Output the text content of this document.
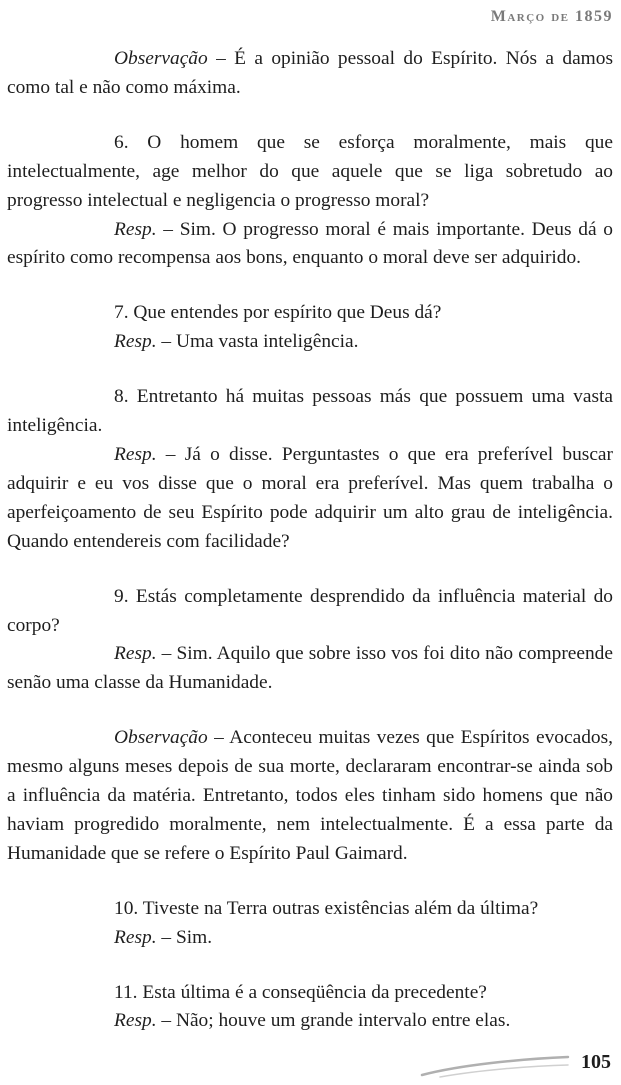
Março de 1859

Observação – É a opinião pessoal do Espírito. Nós a damos como tal e não como máxima.

6. O homem que se esforça moralmente, mais que intelectualmente, age melhor do que aquele que se liga sobretudo ao progresso intelectual e negligencia o progresso moral?

Resp. – Sim. O progresso moral é mais importante. Deus dá o espírito como recompensa aos bons, enquanto o moral deve ser adquirido.

7. Que entendes por espírito que Deus dá?

Resp. – Uma vasta inteligência.

8. Entretanto há muitas pessoas más que possuem uma vasta inteligência.

Resp. – Já o disse. Perguntastes o que era preferível buscar adquirir e eu vos disse que o moral era preferível. Mas quem trabalha o aperfeiçoamento de seu Espírito pode adquirir um alto grau de inteligência. Quando entendereis com facilidade?

9. Estás completamente desprendido da influência material do corpo?

Resp. – Sim. Aquilo que sobre isso vos foi dito não compreende senão uma classe da Humanidade.

Observação – Aconteceu muitas vezes que Espíritos evocados, mesmo alguns meses depois de sua morte, declararam encontrar-se ainda sob a influência da matéria. Entretanto, todos eles tinham sido homens que não haviam progredido moralmente, nem intelectualmente. É a essa parte da Humanidade que se refere o Espírito Paul Gaimard.

10. Tiveste na Terra outras existências além da última?

Resp. – Sim.

11. Esta última é a conseqüência da precedente?

Resp. – Não; houve um grande intervalo entre elas.

105
